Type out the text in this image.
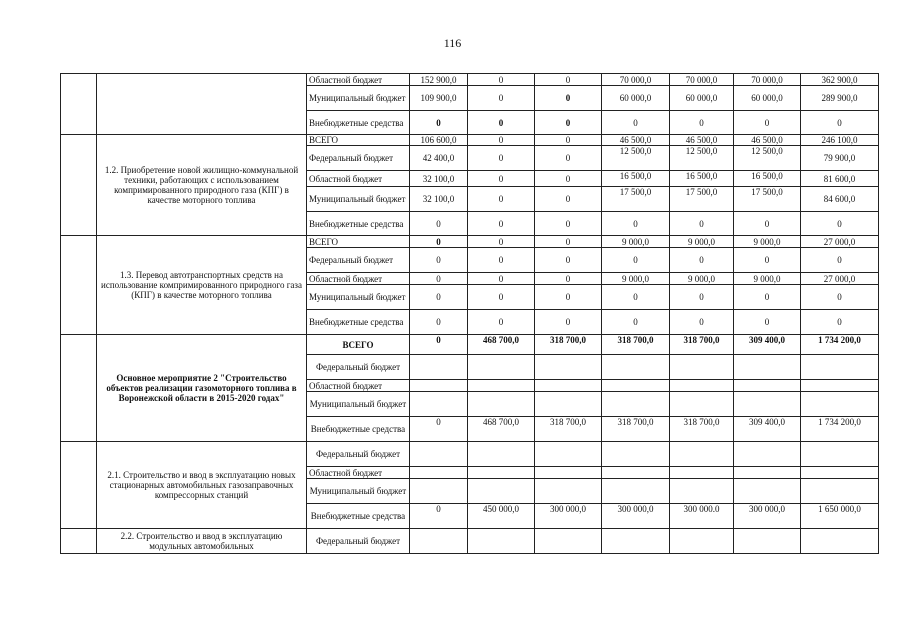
116
		Областной бюджет	152 900,0	0	0	70 000,0	70 000,0	70 000,0	362 900,0
		Муниципальный бюджет	109 900,0	0	0	60 000,0	60 000,0	60 000,0	289 900,0
		Внебюджетные средства	0	0	0	0	0	0	0
	1.2. Приобретение новой жилищно-коммунальной техники, работающих с использованием компримированного природного газа (КПГ) в качестве моторного топлива	ВСЕГО	106 600,0	0	0	46 500,0	46 500,0	46 500,0	246 100,0
		Федеральный бюджет	42 400,0	0	0	12 500,0	12 500,0	12 500,0	79 900,0
		Областной бюджет	32 100,0	0	0	16 500,0	16 500,0	16 500,0	81 600,0
		Муниципальный бюджет	32 100,0	0	0	17 500,0	17 500,0	17 500,0	84 600,0
		Внебюджетные средства	0	0	0	0	0	0	0
	1.3. Перевод автотранспортных средств на использование компримированного природного газа (КПГ) в качестве моторного топлива	ВСЕГО	0	0	0	9 000,0	9 000,0	9 000,0	27 000,0
		Федеральный бюджет	0	0	0	0	0	0	0
		Областной бюджет	0	0	0	9 000,0	9 000,0	9 000,0	27 000,0
		Муниципальный бюджет	0	0	0	0	0	0	0
		Внебюджетные средства	0	0	0	0	0	0	0
	Основное мероприятие 2 "Строительство объектов реализации газомоторного топлива в Воронежской области в 2015-2020 годах"	ВСЕГО	0	468 700,0	318 700,0	318 700,0	318 700,0	309 400,0	1 734 200,0
		Федеральный бюджет							
		Областной бюджет							
		Муниципальный бюджет							
		Внебюджетные средства	0	468 700,0	318 700,0	318 700,0	318 700,0	309 400,0	1 734 200,0
	2.1. Строительство и ввод в эксплуатацию новых стационарных автомобильных газозаправочных компрессорных станций	Федеральный бюджет							
		Областной бюджет							
		Муниципальный бюджет							
		Внебюджетные средства	0	450 000,0	300 000,0	300 000,0	300 000.0	300 000,0	1 650 000,0
	2.2. Строительство и ввод в эксплуатацию модульных автомобильных	Федеральный бюджет							
